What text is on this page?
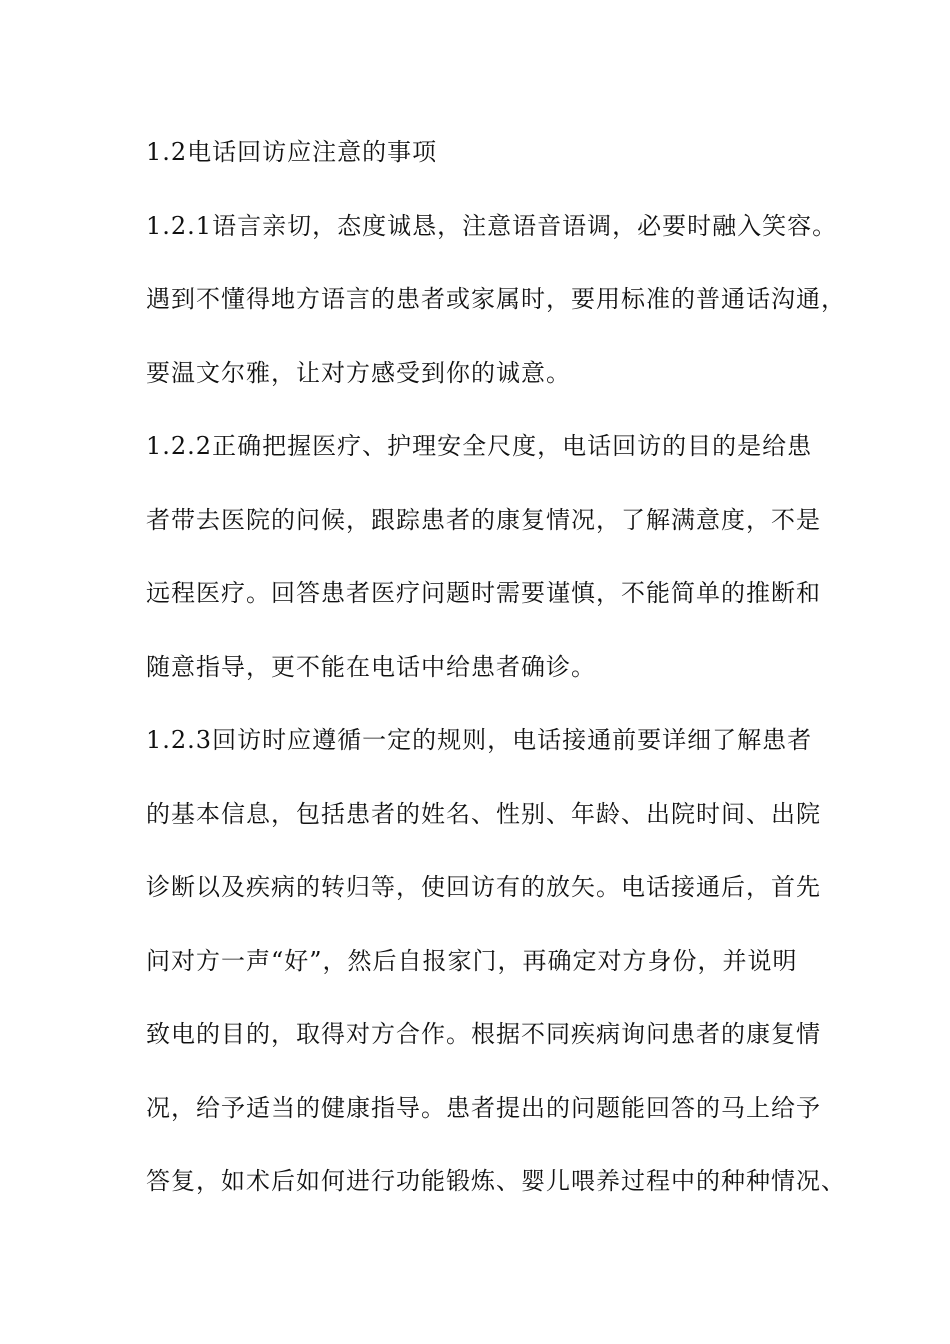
1.2电话回访应注意的事项
1.2.1语言亲切，态度诚恳，注意语音语调，必要时融入笑容。
遇到不懂得地方语言的患者或家属时，要用标准的普通话沟通，
要温文尔雅，让对方感受到你的诚意。
1.2.2正确把握医疗、护理安全尺度，电话回访的目的是给患
者带去医院的问候，跟踪患者的康复情况，了解满意度，不是
远程医疗。回答患者医疗问题时需要谨慎，不能简单的推断和
随意指导，更不能在电话中给患者确诊。
1.2.3回访时应遵循一定的规则，电话接通前要详细了解患者
的基本信息，包括患者的姓名、性别、年龄、出院时间、出院
诊断以及疾病的转归等，使回访有的放矢。电话接通后，首先
问对方一声“好”，然后自报家门，再确定对方身份，并说明
致电的目的，取得对方合作。根据不同疾病询问患者的康复情
况，给予适当的健康指导。患者提出的问题能回答的马上给予
答复，如术后如何进行功能锻炼、婴儿喂养过程中的种种情况、
